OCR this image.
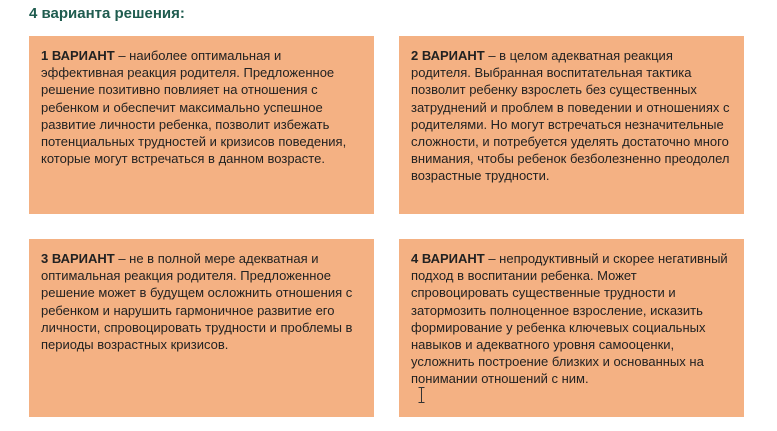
4 варианта решения:
1 ВАРИАНТ – наиболее оптимальная и эффективная реакция родителя. Предложенное решение позитивно повлияет на отношения с ребенком и обеспечит максимально успешное развитие личности ребенка, позволит избежать потенциальных трудностей и кризисов поведения, которые могут встречаться в данном возрасте.
2 ВАРИАНТ – в целом адекватная реакция родителя. Выбранная воспитательная тактика позволит ребенку взрослеть без существенных затруднений и проблем в поведении и отношениях с родителями. Но могут встречаться незначительные сложности, и потребуется уделять достаточно много внимания, чтобы ребенок безболезненно преодолел возрастные трудности.
3 ВАРИАНТ – не в полной мере адекватная и оптимальная реакция родителя. Предложенное решение может в будущем осложнить отношения с ребенком и нарушить гармоничное развитие его личности, спровоцировать трудности и проблемы в периоды возрастных кризисов.
4 ВАРИАНТ – непродуктивный и скорее негативный подход в воспитании ребенка. Может спровоцировать существенные трудности и затормозить полноценное взросление, исказить формирование у ребенка ключевых социальных навыков и адекватного уровня самооценки, усложнить построение близких и основанных на понимании отношений с ним.
